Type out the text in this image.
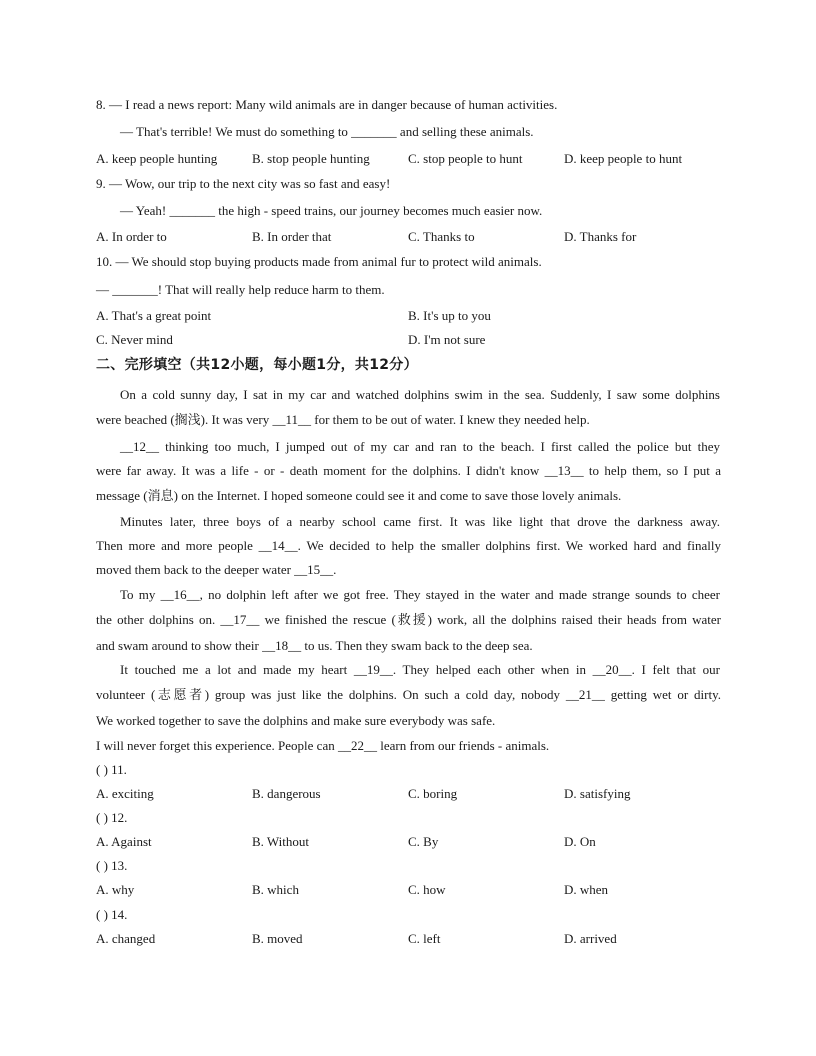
8. — I read a news report: Many wild animals are in danger because of human activities.
— That's terrible! We must do something to _______ and selling these animals.
A. keep people hunting	B. stop people hunting	C. stop people to hunt	D. keep people to hunt
9. — Wow, our trip to the next city was so fast and easy!
— Yeah! _______ the high - speed trains, our journey becomes much easier now.
A. In order to	B. In order that	C. Thanks to	D. Thanks for
10. — We should stop buying products made from animal fur to protect wild animals.
— _______! That will really help reduce harm to them.
A. That's a great point	B. It's up to you
C. Never mind	D. I'm not sure
二、完形填空（共12小题，每小题1分，共12分）
On a cold sunny day, I sat in my car and watched dolphins swim in the sea. Suddenly, I saw some dolphins
were beached (搁浅). It was very __11__ for them to be out of water. I knew they needed help.
__12__ thinking too much, I jumped out of my car and ran to the beach. I first called the police but they
were far away. It was a life - or - death moment for the dolphins. I didn't know __13__ to help them, so I put a
message (消息) on the Internet. I hoped someone could see it and come to save those lovely animals.
Minutes later, three boys of a nearby school came first. It was like light that drove the darkness away.
Then more and more people __14__. We decided to help the smaller dolphins first. We worked hard and finally
moved them back to the deeper water __15__.
To my __16__, no dolphin left after we got free. They stayed in the water and made strange sounds to cheer
the other dolphins on. __17__ we finished the rescue (救援) work, all the dolphins raised their heads from water
and swam around to show their __18__ to us. Then they swam back to the deep sea.
It touched me a lot and made my heart __19__. They helped each other when in __20__. I felt that our
volunteer (志愿者) group was just like the dolphins. On such a cold day, nobody __21__ getting wet or dirty.
We worked together to save the dolphins and make sure everybody was safe.
I will never forget this experience. People can __22__ learn from our friends - animals.
( ) 11.
A. exciting	B. dangerous	C. boring	D. satisfying
( ) 12.
A. Against	B. Without	C. By	D. On
( ) 13.
A. why	B. which	C. how	D. when
( ) 14.
A. changed	B. moved	C. left	D. arrived
